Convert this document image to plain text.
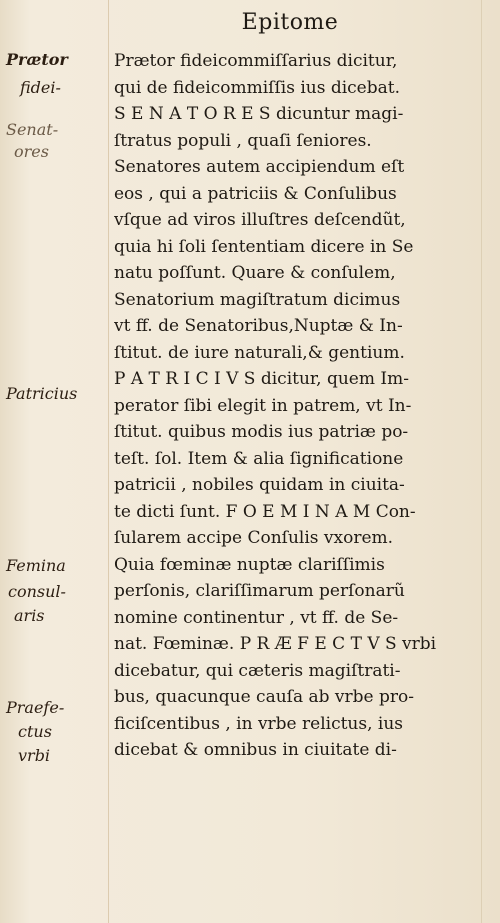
Epitome
Prætor
fidei-
Senat-
ores
Patricius
Femina
consul-
aris
Praefe-
ctus
vrbi
Prætor fideicommiſſarius dicitur,
qui de fideicommiſſis ius dicebat.
S E N A T O R E S dicuntur magi-
ſtratus populi , quaſi ſeniores.
Senatores autem accipiendum eſt
eos , qui a patriciis & Conſulibus
vſque ad viros illuſtres deſcendũt,
quia hi ſoli ſententiam dicere in Se
natu poſſunt. Quare & conſulem,
Senatorium magiſtratum dicimus
vt ff. de Senatoribus,Nuptæ & In-
ſtitut. de iure naturali,& gentium.
P A T R I C I V S dicitur, quem Im-
perator ſibi elegit in patrem, vt In-
ſtitut. quibus modis ius patriæ po-
teſt. ſol. Item & alia ſignificatione
patricii , nobiles quidam in ciuita-
te dicti ſunt. F O E M I N A M Con-
ſularem accipe Conſulis vxorem.
Quia fœminæ nuptæ clariſſimis
perſonis, clariſſimarum perſonarũ
nomine continentur , vt ff. de Se-
nat. Fœminæ. P R Æ F E C T V S vrbi
dicebatur, qui cæteris magiſtrati-
bus, quacunque cauſa ab vrbe pro-
ficiſcentibus , in vrbe relictus, ius
dicebat & omnibus in ciuitate di-
